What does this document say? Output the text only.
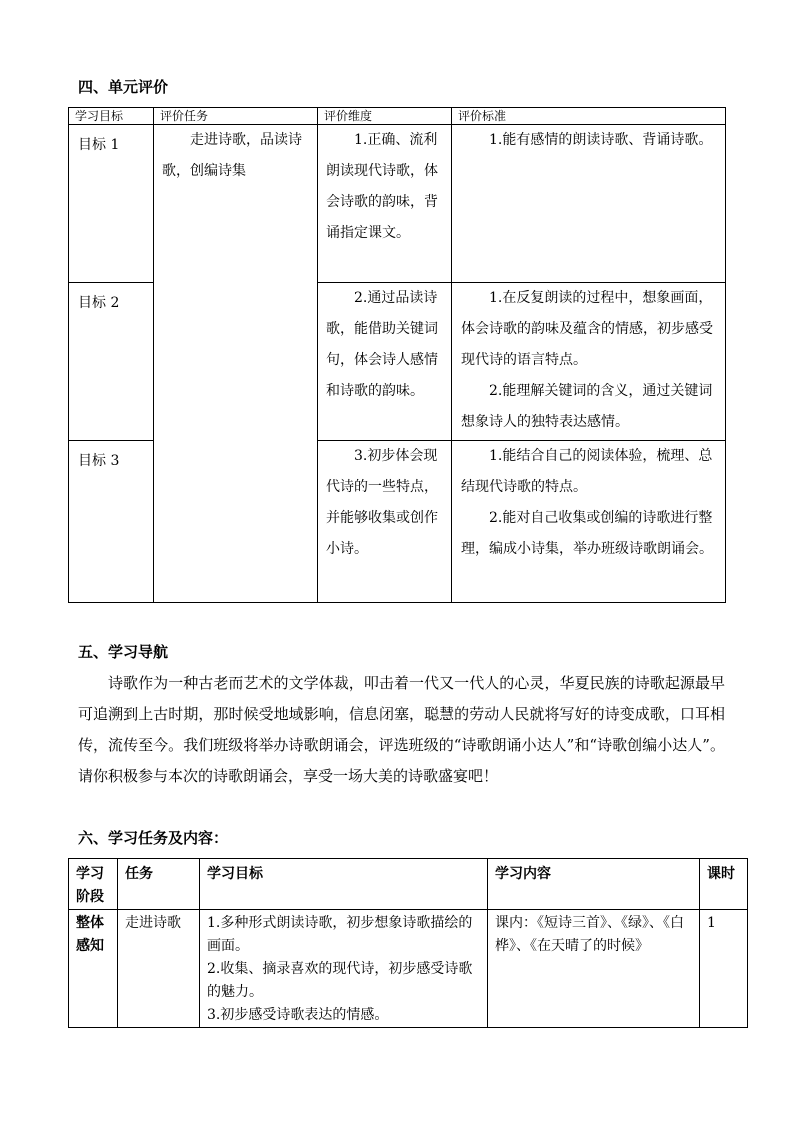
四、单元评价
学习目标	评价任务	评价维度	评价标准
目标 1	走进诗歌，品读诗歌，创编诗集	1.正确、流利朗读现代诗歌，体会诗歌的韵味，背诵指定课文。	1.能有感情的朗读诗歌、背诵诗歌。

目标 2		2.通过品读诗歌，能借助关键词句，体会诗人感情和诗歌的韵味。	1.在反复朗读的过程中，想象画面，体会诗歌的韵味及蕴含的情感，初步感受现代诗的语言特点。
2.能理解关键词的含义，通过关键词想象诗人的独特表达感情。

目标 3		3.初步体会现代诗的一些特点，并能够收集或创作小诗。	1.能结合自己的阅读体验，梳理、总结现代诗歌的特点。
2.能对自己收集或创编的诗歌进行整理，编成小诗集，举办班级诗歌朗诵会。
五、学习导航

诗歌作为一种古老而艺术的文学体裁，叩击着一代又一代人的心灵，华夏民族的诗歌起源最早可追溯到上古时期，那时候受地域影响，信息闭塞，聪慧的劳动人民就将写好的诗变成歌，口耳相传，流传至今。我们班级将举办诗歌朗诵会，评选班级的“诗歌朗诵小达人”和“诗歌创编小达人”。请你积极参与本次的诗歌朗诵会，享受一场大美的诗歌盛宴吧！

六、学习任务及内容：
学习阶段	任务	学习目标	学习内容	课时
整体感知	走进诗歌	1.多种形式朗读诗歌，初步想象诗歌描绘的画面。
2.收集、摘录喜欢的现代诗，初步感受诗歌的魅力。
3.初步感受诗歌表达的情感。	课内：《短诗三首》、《绿》、《白桦》、《在天晴了的时候》	1
